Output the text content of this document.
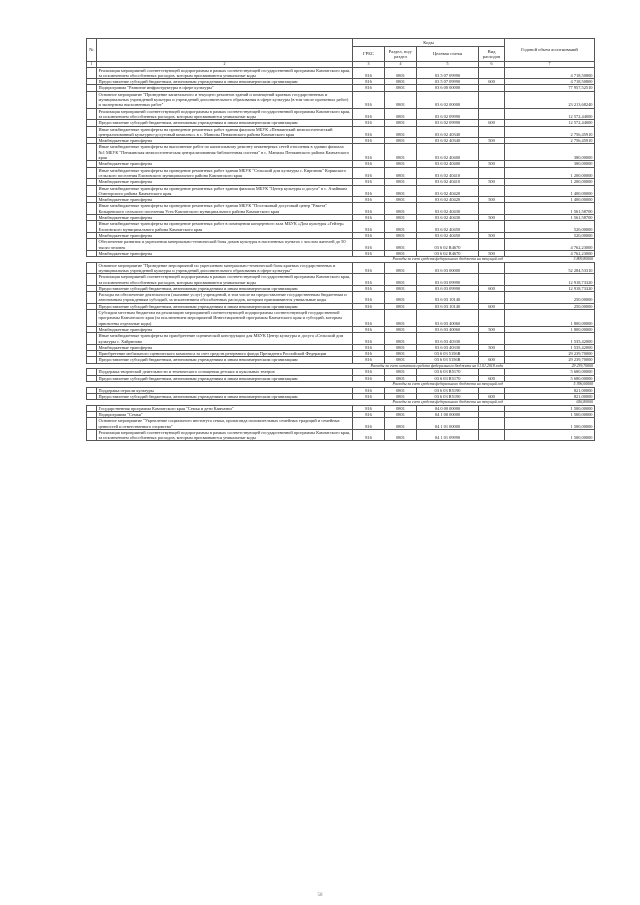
№		Коды				Годовой объем ассигнований
		ГРБС	Раздел, под-раздел	Целевая статья	Вид расходов	
1	2	3	4	5	6	7
	Реализация мероприятий соответствующей подпрограммы в рамках соответствующей государственной программы Камчатского края, за исключением обособленных расходов, которым присваиваются уникальные коды	816	0801	03 5 07 09990		4 718,50800
	Предоставление субсидий бюджетным, автономным учреждениям и иным некоммерческим организациям	816	0801	03 5 07 09990	600	4 718,50800
	Подпрограмма "Развитие инфраструктуры в сфере культуры"	816	0801	03 6 00 00000		77 957,52510
	Основное мероприятие "Проведение капитального и текущего ремонтов зданий и помещений краевых государственных и муниципальных учреждений культуры и учреждений дополнительного образования в сфере культуры (в том числе проектных работ) и экспертизы выполненных работ"	816	0801	03 6 02 00000		23 213,68240
	Реализация мероприятий соответствующей подпрограммы в рамках соответствующей государственной программы Камчатского края, за исключением обособленных расходов, которым присваиваются уникальные коды	816	0801	03 6 02 09990		12 572,44000
	Предоставление субсидий бюджетным, автономным учреждениям и иным некоммерческим организациям	816	0801	03 6 02 09990	600	12 572,44000
	Иные межбюджетные трансферты на проведение ремонтных работ здания филиала МБУК «Пенжинский межпоселенческий централизованный культурно-досуговый комплекс» в с. Манилы Пенжинского района Камчатского края	816	0801	03 6 02 40340		2 756,45910
	Межбюджетные трансферты	816	0801	03 6 02 40340	500	2 756,45910
	Иные межбюджетные трансферты на выполнение работ по капитальному ремонту инженерных сетей отопления в здании филиала №1 МБУК "Пенжинская межпоселенческая централизованная библиотечная система" в с. Манилы Пенжинского района Камчатского края	816	0801	03 6 02 40400		380,00000
	Межбюджетные трансферты	816	0801	03 6 02 40400	500	380,00000
	Иные межбюджетные трансферты на проведение ремонтных работ здания МБУК "Сельский дом культуры с. Кирганик" Корякского сельского поселения Елизовского муниципального района Камчатского края	816	0801	03 6 02 40410		1 200,00000
	Межбюджетные трансферты	816	0801	03 6 02 40410	500	1 200,00000
	Иные межбюджетные трансферты на проведение ремонтных работ здания филиала МБУК "Центр культуры и досуга" в с. Ачайваям Олюторского района Камчатского края	816	0801	03 6 02 40420		1 400,00000
	Межбюджетные трансферты	816	0801	03 6 02 40420	500	1 400,00000
	Иные межбюджетные трансферты на проведение ремонтных работ здания МБУК "Поселковый досуговый центр "Ракета" Козыревского сельского поселения Усть-Камчатского муниципального района Камчатского края	816	0801	03 6 02 40430		1 561,58700
	Межбюджетные трансферты	816	0801	03 6 02 40430	500	1 561,58700
	Иные межбюджетные трансферты на проведение ремонтных работ в помещении концертного зала МБУК «Дом культуры «Гейзер» Елизовского муниципального района Камчатского края	816	0801	03 6 02 40450		520,00000
	Межбюджетные трансферты	816	0801	03 6 02 40450	500	520,00000
	Обеспечение развития и укрепления материально-технической базы домов культуры в населенных пунктах с числом жителей до 50 тысяч человек	816	0801	03 6 02 R4670		4 762,23000
	Межбюджетные трансферты	816	0801	03 6 02 R4670	500	4 762,23000
	Расходы за счет средств федерального бюджета на текущий год					3 809,80000
	Основное мероприятие "Проведение мероприятий по укреплению материально-технической базы краевых государственных и муниципальных учреждений культуры и учреждений дополнительного образования в сфере культуры"	816	0801	03 6 03 00000		52 284,53310
	Реализация мероприятий соответствующей подпрограммы в рамках соответствующей государственной программы Камчатского края, за исключением обособленных расходов, которым присваиваются уникальные коды	816	0801	03 6 03 09990		12 918,73320
	Предоставление субсидий бюджетным, автономным учреждениям и иным некоммерческим организациям	816	0801	03 6 03 09990	600	12 918,73320
	Расходы на обеспечение деятельности (оказание услуг) учреждений, в том числе на предоставление государственным бюджетным и автономным учреждениям субсидий, за исключением обособленных расходов, которым присваиваются уникальные коды	816	0801	03 6 03 10140		250,00000
	Предоставление субсидий бюджетным, автономным учреждениям и иным некоммерческим организациям	816	0801	03 6 03 10140	600	250,00000
	Субсидии местным бюджетам на реализацию мероприятий соответствующей подпрограммы соответствующей государственной программы Камчатского края (за исключением мероприятий Инвестиционной программы Камчатского края и субсидий, которым присвоены отдельные коды)	816	0801	03 6 03 40060		1 800,00000
	Межбюджетные трансферты	816	0801	03 6 03 40060	500	1 800,00000
	Иные межбюджетные трансферты на приобретение сценической конструкции для МБУК Центр культуры и досуга «Сельский дом культуры с. Хайрюзово	816	0801	03 6 03 40330		1 535,42000
	Межбюджетные трансферты	816	0801	03 6 03 40330	500	1 535,42000
	Приобретение мобильного сценического комплекса за счет средств резервного фонда Президента Российской Федерации	816	0801	03 6 03 5156R		29 239,70000
	Предоставление субсидий бюджетным, автономным учреждениям и иным некоммерческим организациям	816	0801	03 6 03 5156R	600	29 239,70000
	Расходы за счет остатков средств федерального бюджета на 01.01.2018 года					29 239,70000
	Поддержка творческой деятельности и технического оснащения детских и кукольных театров	816	0801	03 6 03 R5170		5 680,00000
	Предоставление субсидий бюджетным, автономным учреждениям и иным некоммерческим организациям	816	0801	03 6 03 R5170	600	5 680,00000
	Расходы за счет средств федерального бюджета на текущий год					5 396,00000
	Поддержка отрасли культуры	816	0801	03 6 03 R5190		821,00000
	Предоставление субсидий бюджетным, автономным учреждениям и иным некоммерческим организациям	816	0801	03 6 03 R5190	600	821,00000
	Расходы за счет средств федерального бюджета на текущий год					656,80000
	Государственная программа Камчатского края "Семья и дети Камчатки"	816	0801	04 0 00 00000		1 500,00000
	Подпрограмма "Семья"	816	0801	04 1 00 00000		1 500,00000
	Основное мероприятие "Укрепление социального института семьи, пропаганда положительных семейных традиций и семейных ценностей и ответственного отцовства"	816	0801	04 1 01 00000		1 500,00000
	Реализация мероприятий соответствующей подпрограммы в рамках соответствующей государственной программы Камчатского края, за исключением обособленных расходов, которым присваиваются уникальные коды	816	0801	04 1 01 09990		1 500,00000
58
